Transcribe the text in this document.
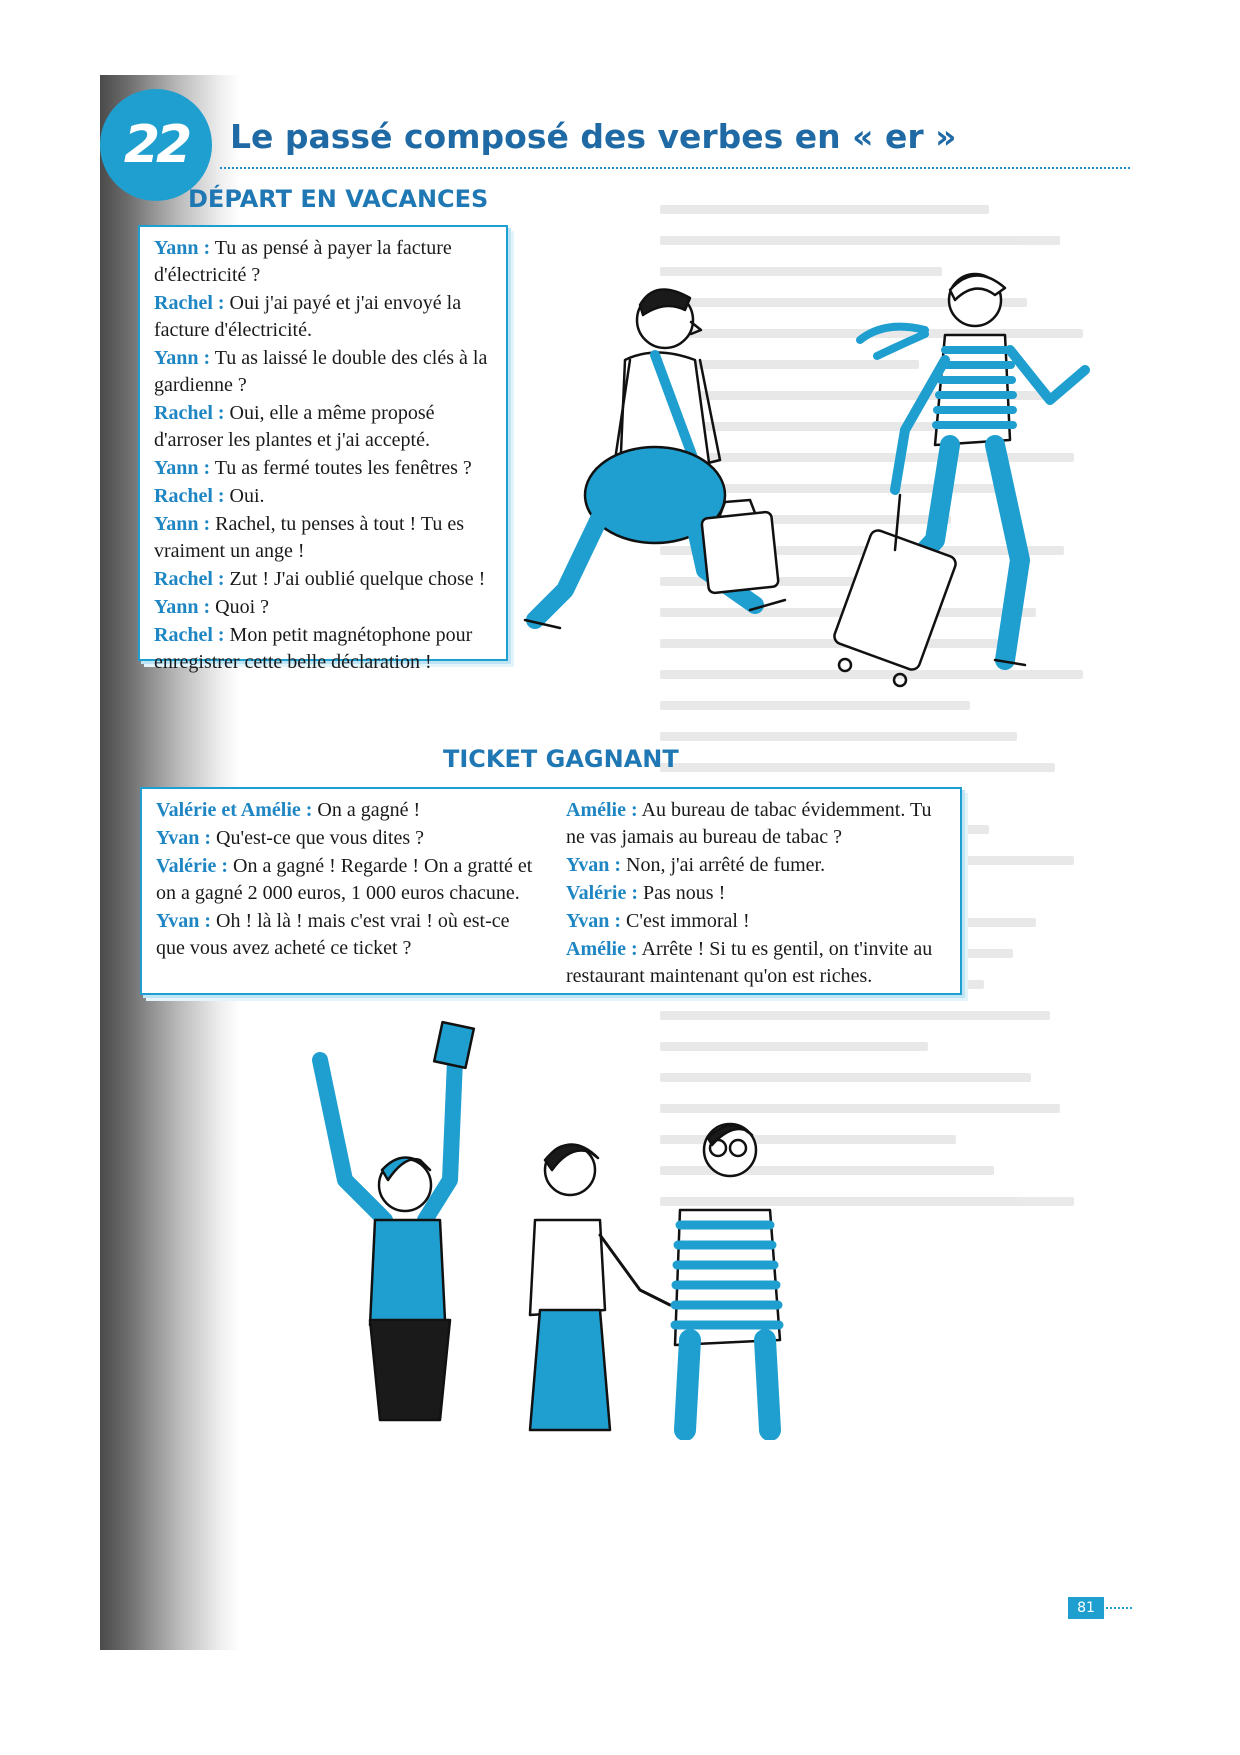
22	Le passé composé des verbes en « er »
DÉPART EN VACANCES

Yann : Tu as pensé à payer la facture d'électricité ?

Rachel : Oui j'ai payé et j'ai envoyé la facture d'électricité.

Yann : Tu as laissé le double des clés à la gardienne ?

Rachel : Oui, elle a même proposé d'arroser les plantes et j'ai accepté.

Yann : Tu as fermé toutes les fenêtres ?

Rachel : Oui.

Yann : Rachel, tu penses à tout ! Tu es vraiment un ange !

Rachel : Zut ! J'ai oublié quelque chose !

Yann : Quoi ?

Rachel : Mon petit magnétophone pour enregistrer cette belle déclaration !

TICKET GAGNANT

Valérie et Amélie : On a gagné !

Yvan : Qu'est-ce que vous dites ?

Valérie : On a gagné ! Regarde ! On a gratté et on a gagné 2 000 euros, 1 000 euros chacune.

Yvan : Oh ! là là ! mais c'est vrai ! où est-ce que vous avez acheté ce ticket ?

Amélie : Au bureau de tabac évidemment. Tu ne vas jamais au bureau de tabac ?

Yvan : Non, j'ai arrêté de fumer.

Valérie : Pas nous !

Yvan : C'est immoral !

Amélie : Arrête ! Si tu es gentil, on t'invite au restaurant maintenant qu'on est riches.

81
